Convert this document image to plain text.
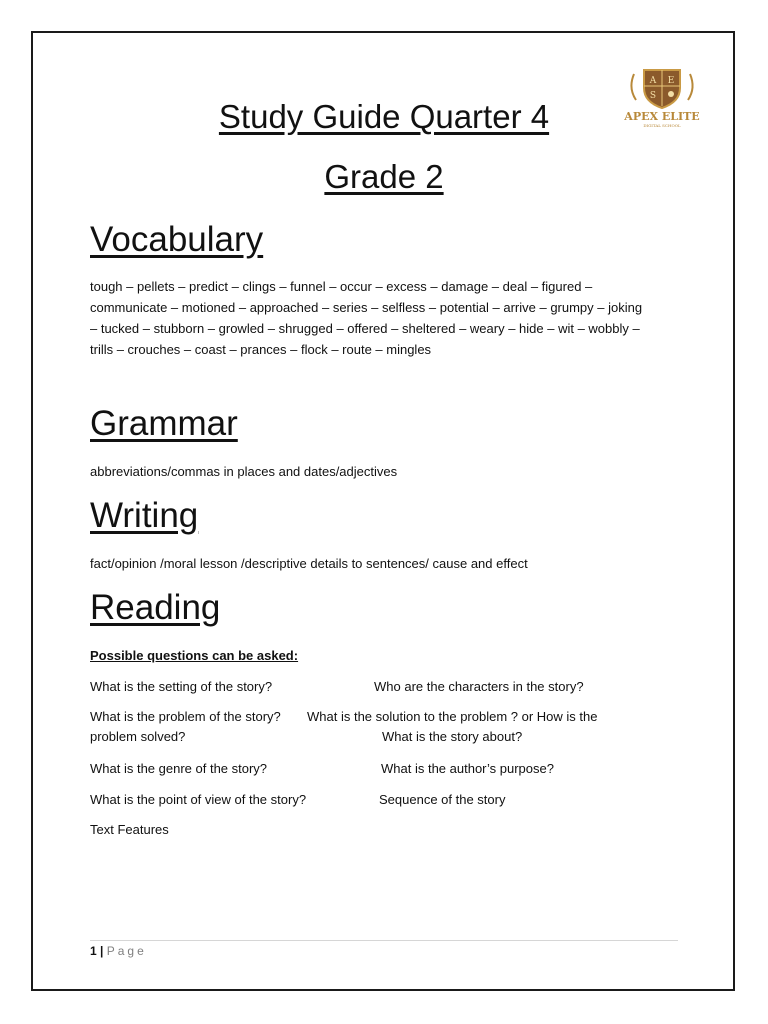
Study Guide Quarter 4
Grade 2
A E
S
APEX ELITE
DIGITAL SCHOOL
Vocabulary
tough – pellets – predict – clings – funnel – occur – excess – damage – deal – figured –
communicate – motioned – approached – series – selfless – potential – arrive – grumpy – joking
– tucked – stubborn – growled – shrugged – offered – sheltered – weary – hide – wit – wobbly –
trills – crouches – coast – prances – flock – route – mingles
Grammar

abbreviations/commas in places and dates/adjectives

Writing

fact/opinion /moral lesson /descriptive details to sentences/ cause and effect

Reading
Possible questions can be asked:
What is the setting of the story?	Who are the characters in the story?
What is the problem of the story? What is the solution to the problem ? or How is the
problem solved?	What is the story about?
What is the genre of the story?	What is the author’s purpose?
What is the point of view of the story?	Sequence of the story
Text Features
1 | Page
